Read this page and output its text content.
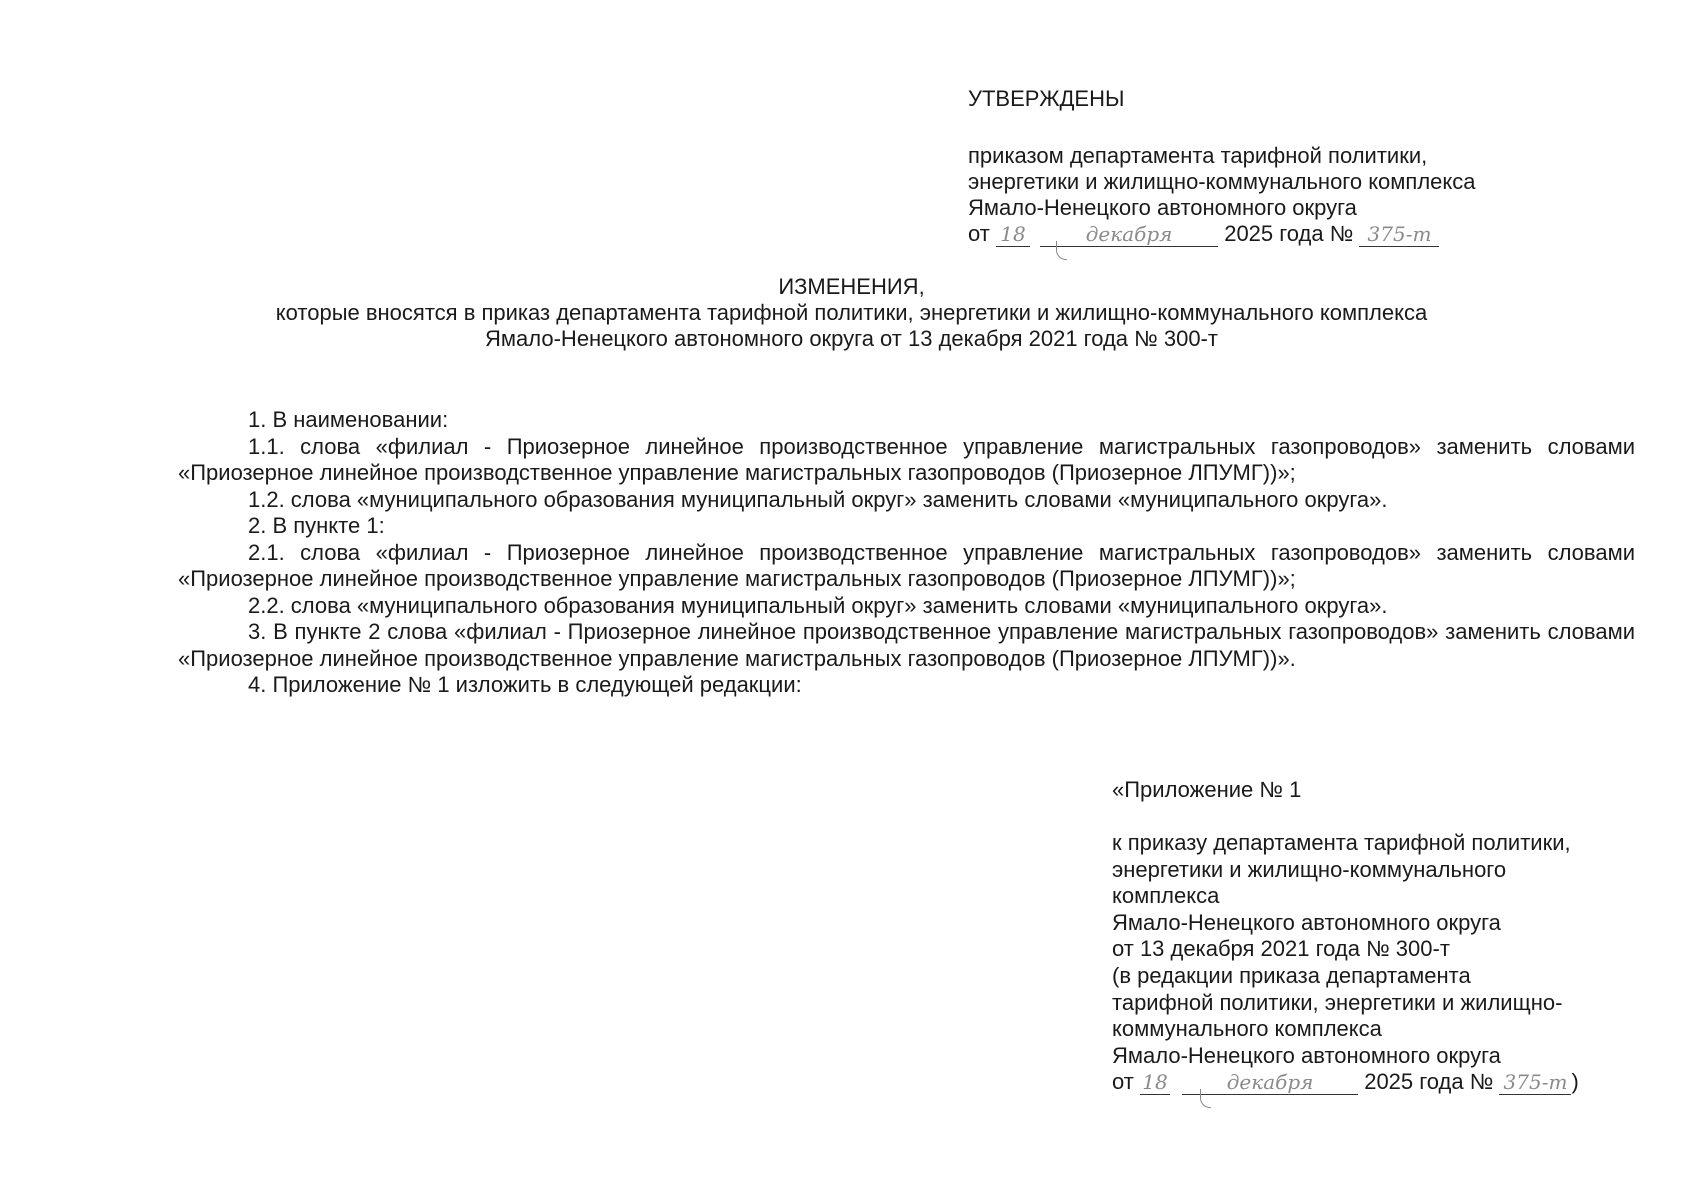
УТВЕРЖДЕНЫ
приказом департамента тарифной политики,
энергетики и жилищно-коммунального комплекса
Ямало-Ненецкого автономного округа
от 18	декабря 2025 года № 375-т
ИЗМЕНЕНИЯ,
которые вносятся в приказ департамента тарифной политики, энергетики и жилищно-коммунального комплекса
Ямало-Ненецкого автономного округа от 13 декабря 2021 года № 300-т

1. В наименовании:

1.1. слова «филиал - Приозерное линейное производственное управление магистральных газопроводов» заменить словами «Приозерное линейное производственное управление магистральных газопроводов (Приозерное ЛПУМГ))»;

1.2. слова «муниципального образования муниципальный округ» заменить словами «муниципального округа».

2. В пункте 1:

2.1. слова «филиал - Приозерное линейное производственное управление магистральных газопроводов» заменить словами «Приозерное линейное производственное управление магистральных газопроводов (Приозерное ЛПУМГ))»;

2.2. слова «муниципального образования муниципальный округ» заменить словами «муниципального округа».

3. В пункте 2 слова «филиал - Приозерное линейное производственное управление магистральных газопроводов» заменить словами «Приозерное линейное производственное управление магистральных газопроводов (Приозерное ЛПУМГ))».

4. Приложение № 1 изложить в следующей редакции:

«Приложение № 1
к приказу департамента тарифной политики,
энергетики и жилищно-коммунального
комплекса
Ямало-Ненецкого автономного округа
от 13 декабря 2021 года № 300-т
(в редакции приказа департамента
тарифной политики, энергетики и жилищно-
коммунального комплекса
Ямало-Ненецкого автономного округа
от 18	декабря 2025 года № 375-т )
